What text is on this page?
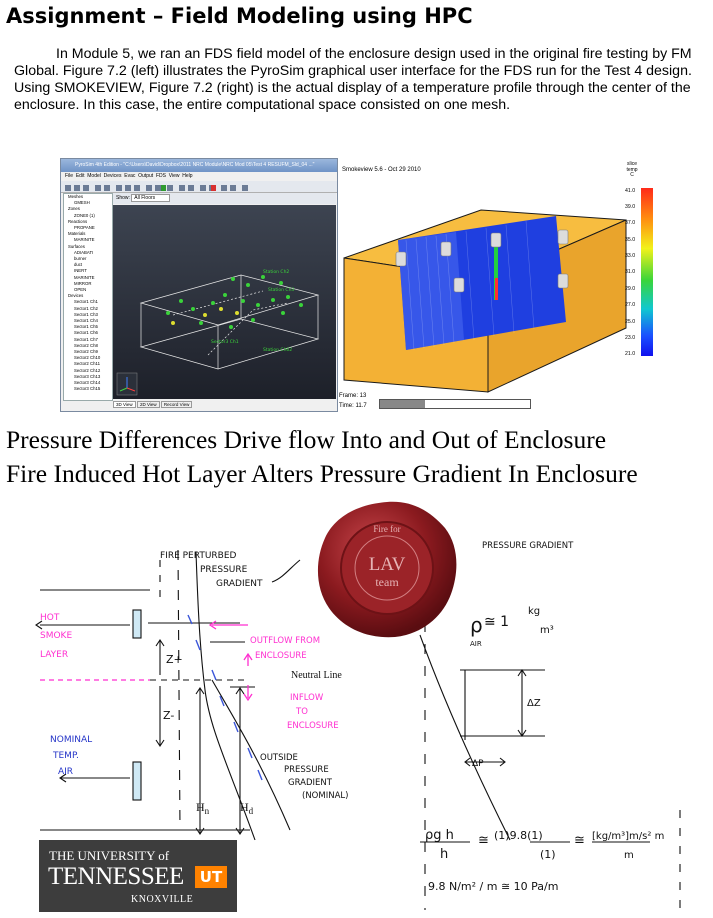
Assignment – Field Modeling using HPC
In Module 5, we ran an FDS field model of the enclosure design used in the original fire testing by FM Global. Figure 7.2 (left) illustrates the PyroSim graphical user interface for the FDS run for the Test 4 design. Using SMOKEVIEW, Figure 7.2 (right) is the actual display of a temperature profile through the center of the enclosure. In this case, the entire computational space consisted on one mesh.
PyroSim 4th Edition - "C:\Users\David\Dropbox\2011 NRC Module\NRC Mod 05\Test 4 RESUFM_Sld_04 ..."
File Edit Model Devices Evac Output FDS View Help
Meshes
GMESH
Zones
ZONE0 (1)
Reactions
PROPANE
Materials
MARINITE
Surfaces
ADIABATI
burner
duct
INERT
MARINITE
MIRROR
OPEN
Devices
Sector1 Ch1
Sector1 Ch2
Sector1 Ch3
Sector1 Ch4
Sector1 Ch5
Sector1 Ch6
Sector1 Ch7
Sector2 Ch8
Sector2 Ch9
Sector2 Ch10
Sector2 Ch11
Sector2 Ch12
Sector3 Ch13
Sector3 Ch14
Sector3 Ch15
Show: All Floors
Station Ch2
Station Ch3
Sector3 Ch1
Station Ch62
3D View 2D View Record View
Smokeview 5.6 - Oct 29 2010
slice
temp
C
41.0
39.0
37.0
35.0
33.0
31.0
29.0
27.0
25.0
23.0
21.0
Frame: 13
Time: 11.7
Pressure Differences Drive flow Into and Out of Enclosure
Fire Induced Hot Layer Alters Pressure Gradient In Enclosure
FIRE PERTURBED
PRESSURE
GRADIENT
Z+
Z-
Neutral Line
$H_n$	$H_d$
OUTSIDE
PRESSURE
GRADIENT
(NOMINAL)
HOT
SMOKE
LAYER
OUTFLOW FROM
ENCLOSURE
INFLOW
TO
ENCLOSURE
NOMINAL
TEMP.
AIR
PRESSURE GRADIENT
ρ
AIR
≅ 1
kg
m³
ΔZ
ΔP
ρg h
h
≅ (1)9.8(1)
(1)
≅ [kg/m³]m/s² m
m
9.8 N/m² / m ≅ 10 Pa/m
LAV
team
Fire for
THE UNIVERSITY of
TENNESSEE	UT
KNOXVILLE
